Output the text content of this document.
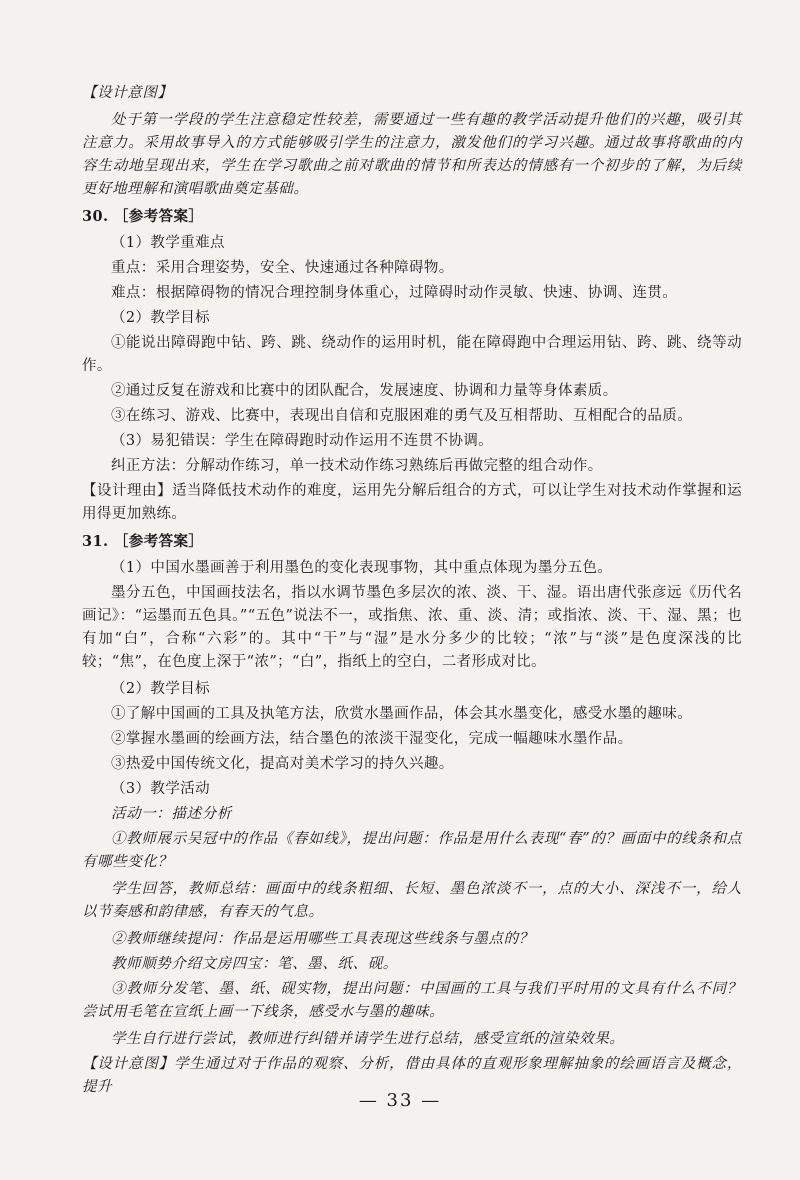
【设计意图】

处于第一学段的学生注意稳定性较差，需要通过一些有趣的教学活动提升他们的兴趣，吸引其注意力。采用故事导入的方式能够吸引学生的注意力，激发他们的学习兴趣。通过故事将歌曲的内容生动地呈现出来，学生在学习歌曲之前对歌曲的情节和所表达的情感有一个初步的了解，为后续更好地理解和演唱歌曲奠定基础。

30. ［参考答案］

（1）教学重难点

重点：采用合理姿势，安全、快速通过各种障碍物。

难点：根据障碍物的情况合理控制身体重心，过障碍时动作灵敏、快速、协调、连贯。

（2）教学目标

①能说出障碍跑中钻、跨、跳、绕动作的运用时机，能在障碍跑中合理运用钻、跨、跳、绕等动作。

②通过反复在游戏和比赛中的团队配合，发展速度、协调和力量等身体素质。

③在练习、游戏、比赛中，表现出自信和克服困难的勇气及互相帮助、互相配合的品质。

（3）易犯错误：学生在障碍跑时动作运用不连贯不协调。

纠正方法：分解动作练习，单一技术动作练习熟练后再做完整的组合动作。

【设计理由】适当降低技术动作的难度，运用先分解后组合的方式，可以让学生对技术动作掌握和运用得更加熟练。

31. ［参考答案］

（1）中国水墨画善于利用墨色的变化表现事物，其中重点体现为墨分五色。

墨分五色，中国画技法名，指以水调节墨色多层次的浓、淡、干、湿。语出唐代张彦远《历代名画记》：“运墨而五色具。”“五色”说法不一，或指焦、浓、重、淡、清；或指浓、淡、干、湿、黑；也有加“白”，合称“六彩”的。其中“干”与“湿”是水分多少的比较；“浓”与“淡”是色度深浅的比较；“焦”，在色度上深于“浓”；“白”，指纸上的空白，二者形成对比。

（2）教学目标

①了解中国画的工具及执笔方法，欣赏水墨画作品，体会其水墨变化，感受水墨的趣味。

②掌握水墨画的绘画方法，结合墨色的浓淡干湿变化，完成一幅趣味水墨作品。

③热爱中国传统文化，提高对美术学习的持久兴趣。

（3）教学活动

活动一：描述分析

①教师展示吴冠中的作品《春如线》，提出问题：作品是用什么表现“春”的？画面中的线条和点有哪些变化？

学生回答，教师总结：画面中的线条粗细、长短、墨色浓淡不一，点的大小、深浅不一，给人以节奏感和韵律感，有春天的气息。

②教师继续提问：作品是运用哪些工具表现这些线条与墨点的？

教师顺势介绍文房四宝：笔、墨、纸、砚。

③教师分发笔、墨、纸、砚实物，提出问题：中国画的工具与我们平时用的文具有什么不同？尝试用毛笔在宣纸上画一下线条，感受水与墨的趣味。

学生自行进行尝试，教师进行纠错并请学生进行总结，感受宣纸的渲染效果。

【设计意图】学生通过对于作品的观察、分析，借由具体的直观形象理解抽象的绘画语言及概念，提升

— 33 —
